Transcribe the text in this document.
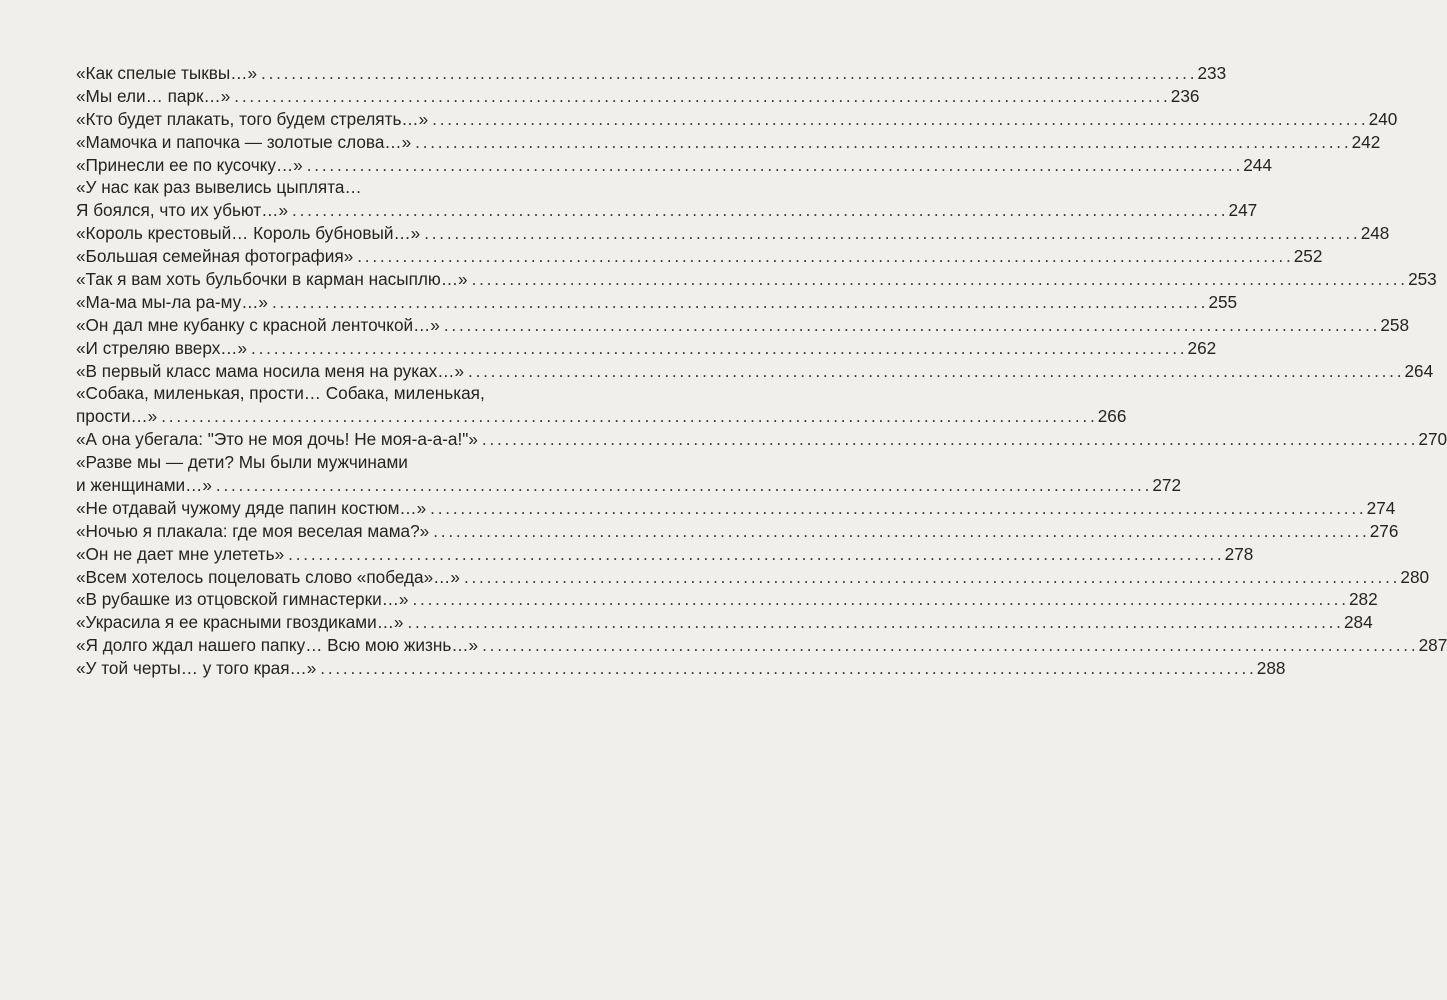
«Как спелые тыквы…» . . .	233
«Мы ели… парк…» . . .	236
«Кто будет плакать, того будем стрелять…» . . .	240
«Мамочка и папочка — золотые слова…» . . .	242
«Принесли ее по кусочку…» . . .	244
«У нас как раз вывелись цыплята…
Я боялся, что их убьют…» . . .	247
«Король крестовый… Король бубновый…» . . .	248
«Большая семейная фотография» . . .	252
«Так я вам хоть бульбочки в карман насыплю…» . . .	253
«Ма-ма мы-ла ра-му…» . . .	255
«Он дал мне кубанку с красной ленточкой…» . . .	258
«И стреляю вверх…» . . .	262
«В первый класс мама носила меня на руках…» . . .	264
«Собака, миленькая, прости… Собака, миленькая,
прости…» . . .	266
«А она убегала: "Это не моя дочь! Не моя-а-а-а!"» . . .	270
«Разве мы — дети? Мы были мужчинами
и женщинами…» . . .	272
«Не отдавай чужому дяде папин костюм…» . . .	274
«Ночью я плакала: где моя веселая мама?» . . .	276
«Он не дает мне улететь» . . .	278
«Всем хотелось поцеловать слово «победа»…» . . .	280
«В рубашке из отцовской гимнастерки…» . . .	282
«Украсила я ее красными гвоздиками…» . . .	284
«Я долго ждал нашего папку… Всю мою жизнь…» . . .	287
«У той черты… у того края…» . . .	288
